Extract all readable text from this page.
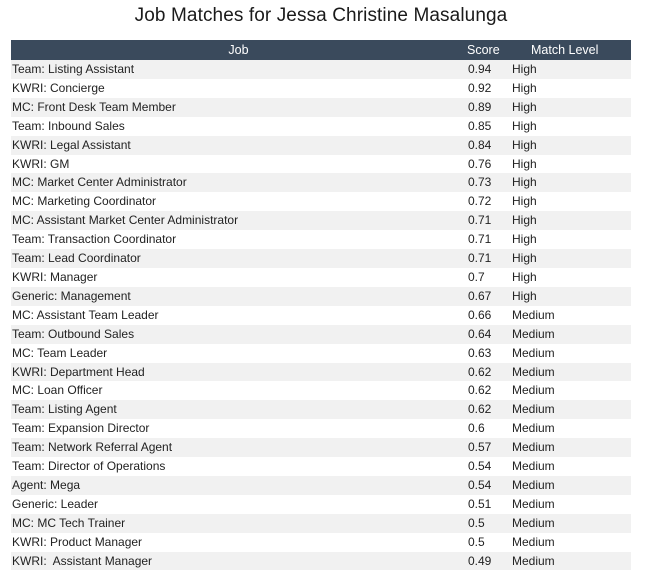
Job Matches for Jessa Christine Masalunga
Job	Score	Match Level
Team: Listing Assistant	0.94	High
KWRI: Concierge	0.92	High
MC: Front Desk Team Member	0.89	High
Team: Inbound Sales	0.85	High
KWRI: Legal Assistant	0.84	High
KWRI: GM	0.76	High
MC: Market Center Administrator	0.73	High
MC: Marketing Coordinator	0.72	High
MC: Assistant Market Center Administrator	0.71	High
Team: Transaction Coordinator	0.71	High
Team: Lead Coordinator	0.71	High
KWRI: Manager	0.7	High
Generic: Management	0.67	High
MC: Assistant Team Leader	0.66	Medium
Team: Outbound Sales	0.64	Medium
MC: Team Leader	0.63	Medium
KWRI: Department Head	0.62	Medium
MC: Loan Officer	0.62	Medium
Team: Listing Agent	0.62	Medium
Team: Expansion Director	0.6	Medium
Team: Network Referral Agent	0.57	Medium
Team: Director of Operations	0.54	Medium
Agent: Mega	0.54	Medium
Generic: Leader	0.51	Medium
MC: MC Tech Trainer	0.5	Medium
KWRI: Product Manager	0.5	Medium
KWRI:  Assistant Manager	0.49	Medium
